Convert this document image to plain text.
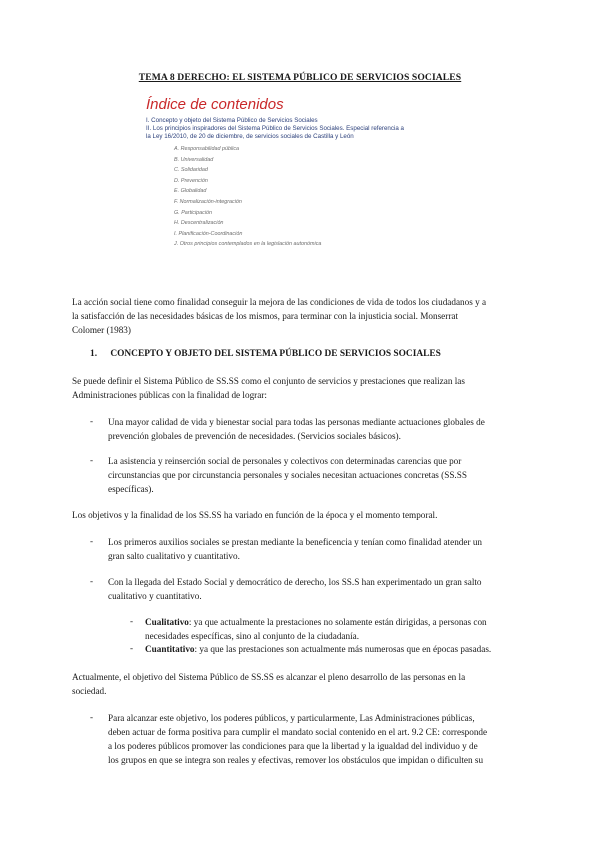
TEMA 8 DERECHO: EL SISTEMA PÚBLICO DE SERVICIOS SOCIALES
Índice de contenidos
I. Concepto y objeto del Sistema Público de Servicios Sociales
II. Los principios inspiradores del Sistema Público de Servicios Sociales. Especial referencia a
la Ley 16/2010, de 20 de diciembre, de servicios sociales de Castilla y León
A. Responsabilidad pública
B. Universalidad
C. Solidaridad
D. Prevención
E. Globalidad
F. Normalización-integración
G. Participación
H. Descentralización
I. Planificación-Coordinación
J. Otros principios contemplados en la legislación autonómica
La acción social tiene como finalidad conseguir la mejora de las condiciones de vida de todos los ciudadanos y a
la satisfacción de las necesidades básicas de los mismos, para terminar con la injusticia social. Monserrat
Colomer (1983)
1. CONCEPTO Y OBJETO DEL SISTEMA PÚBLICO DE SERVICIOS SOCIALES
Se puede definir el Sistema Público de SS.SS como el conjunto de servicios y prestaciones que realizan las
Administraciones públicas con la finalidad de lograr:
- Una mayor calidad de vida y bienestar social para todas las personas mediante actuaciones globales de
prevención globales de prevención de necesidades. (Servicios sociales básicos).
- La asistencia y reinserción social de personales y colectivos con determinadas carencias que por
circunstancias que por circunstancia personales y sociales necesitan actuaciones concretas (SS.SS
específicas).
Los objetivos y la finalidad de los SS.SS ha variado en función de la época y el momento temporal.
- Los primeros auxilios sociales se prestan mediante la beneficencia y tenían como finalidad atender un
gran salto cualitativo y cuantitativo.
- Con la llegada del Estado Social y democrático de derecho, los SS.S han experimentado un gran salto
cualitativo y cuantitativo.
- Cualitativo: ya que actualmente la prestaciones no solamente están dirigidas, a personas con
necesidades específicas, sino al conjunto de la ciudadanía.
- Cuantitativo: ya que las prestaciones son actualmente más numerosas que en épocas pasadas.
Actualmente, el objetivo del Sistema Público de SS.SS es alcanzar el pleno desarrollo de las personas en la
sociedad.
- Para alcanzar este objetivo, los poderes públicos, y particularmente, Las Administraciones públicas,
deben actuar de forma positiva para cumplir el mandato social contenido en el art. 9.2 CE: corresponde
a los poderes públicos promover las condiciones para que la libertad y la igualdad del individuo y de
los grupos en que se integra son reales y efectivas, remover los obstáculos que impidan o dificulten su
